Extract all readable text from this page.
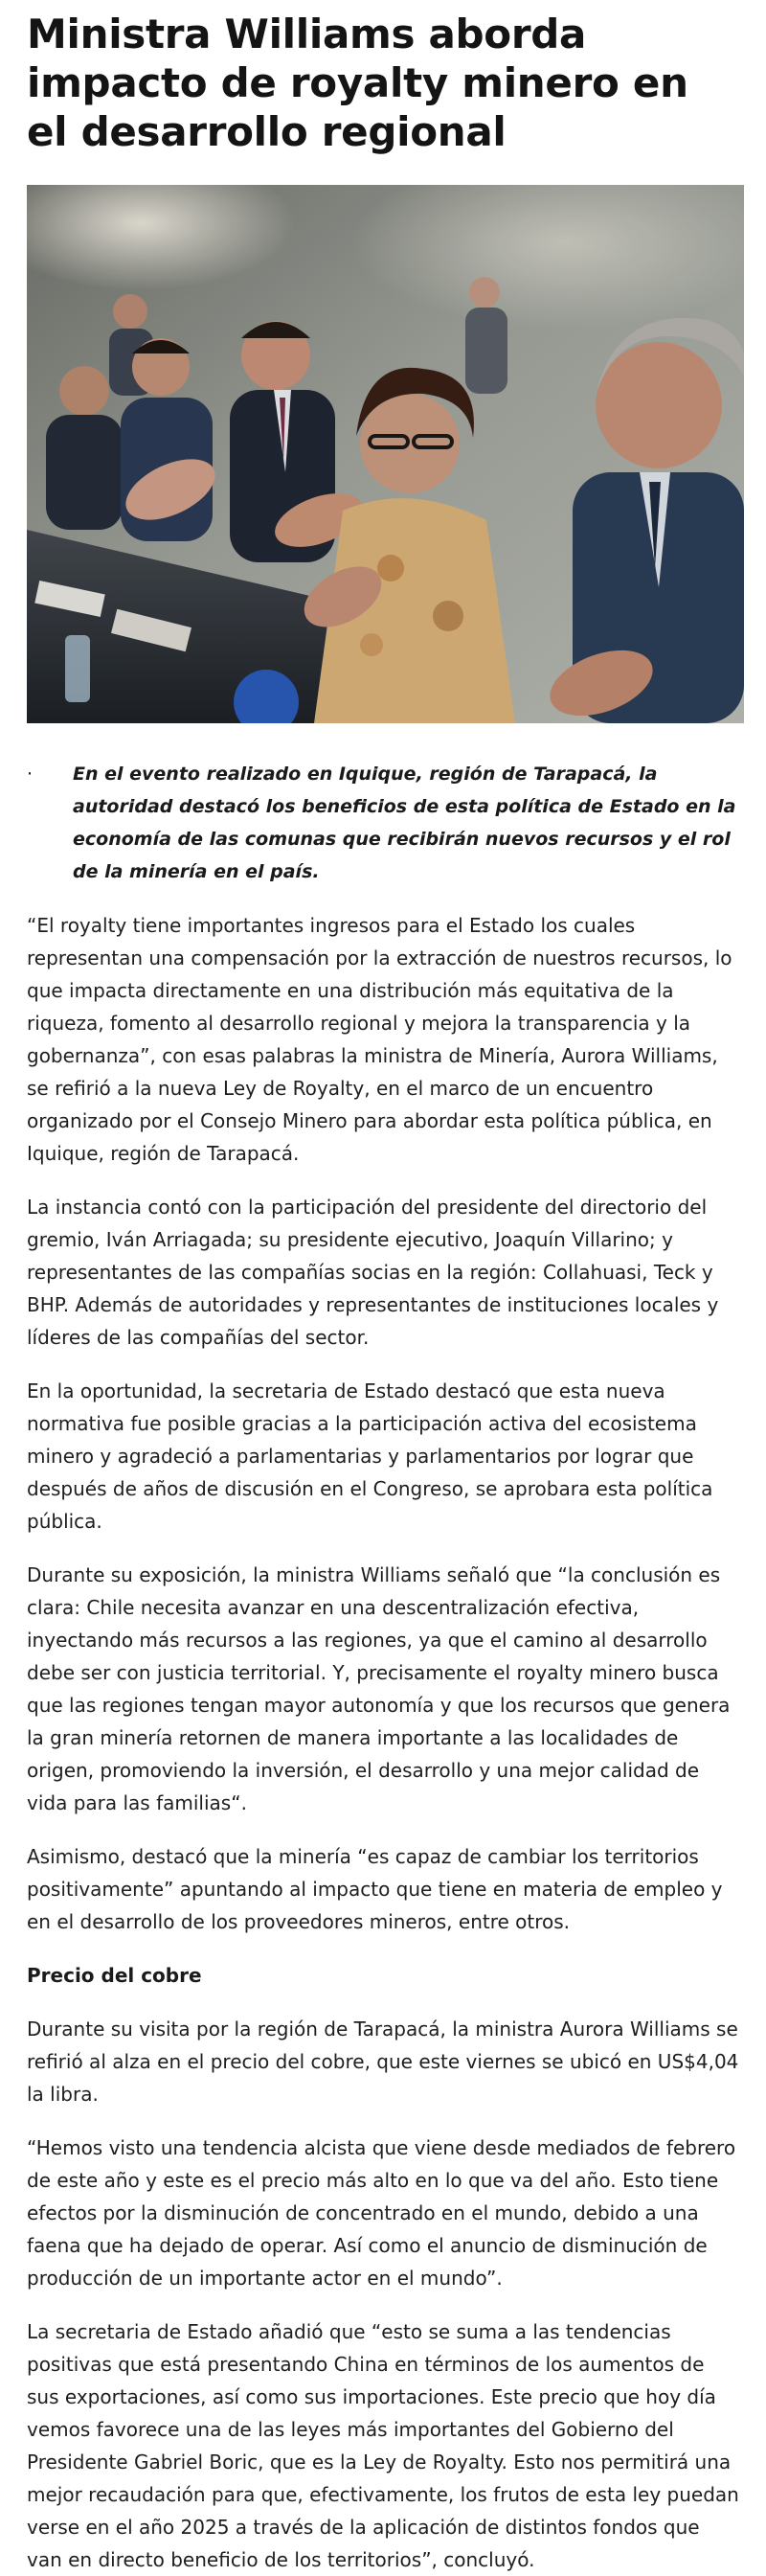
Ministra Williams aborda impacto de royalty minero en el desarrollo regional

· En el evento realizado en Iquique, región de Tarapacá, la autoridad destacó los beneficios de esta política de Estado en la economía de las comunas que recibirán nuevos recursos y el rol de la minería en el país.

“El royalty tiene importantes ingresos para el Estado los cuales representan una compensación por la extracción de nuestros recursos, lo que impacta directamente en una distribución más equitativa de la riqueza, fomento al desarrollo regional y mejora la transparencia y la gobernanza”, con esas palabras la ministra de Minería, Aurora Williams, se refirió a la nueva Ley de Royalty, en el marco de un encuentro organizado por el Consejo Minero para abordar esta política pública, en Iquique, región de Tarapacá.

La instancia contó con la participación del presidente del directorio del gremio, Iván Arriagada; su presidente ejecutivo, Joaquín Villarino; y representantes de las compañías socias en la región: Collahuasi, Teck y BHP. Además de autoridades y representantes de instituciones locales y líderes de las compañías del sector.

En la oportunidad, la secretaria de Estado destacó que esta nueva normativa fue posible gracias a la participación activa del ecosistema minero y agradeció a parlamentarias y parlamentarios por lograr que después de años de discusión en el Congreso, se aprobara esta política pública.

Durante su exposición, la ministra Williams señaló que “la conclusión es clara: Chile necesita avanzar en una descentralización efectiva, inyectando más recursos a las regiones, ya que el camino al desarrollo debe ser con justicia territorial. Y, precisamente el royalty minero busca que las regiones tengan mayor autonomía y que los recursos que genera la gran minería retornen de manera importante a las localidades de origen, promoviendo la inversión, el desarrollo y una mejor calidad de vida para las familias“.

Asimismo, destacó que la minería “es capaz de cambiar los territorios positivamente” apuntando al impacto que tiene en materia de empleo y en el desarrollo de los proveedores mineros, entre otros.

Precio del cobre

Durante su visita por la región de Tarapacá, la ministra Aurora Williams se refirió al alza en el precio del cobre, que este viernes se ubicó en US$4,04 la libra.

“Hemos visto una tendencia alcista que viene desde mediados de febrero de este año y este es el precio más alto en lo que va del año. Esto tiene efectos por la disminución de concentrado en el mundo, debido a una faena que ha dejado de operar. Así como el anuncio de disminución de producción de un importante actor en el mundo”.

La secretaria de Estado añadió que “esto se suma a las tendencias positivas que está presentando China en términos de los aumentos de sus exportaciones, así como sus importaciones. Este precio que hoy día vemos favorece una de las leyes más importantes del Gobierno del Presidente Gabriel Boric, que es la Ley de Royalty. Esto nos permitirá una mejor recaudación para que, efectivamente, los frutos de esta ley puedan verse en el año 2025 a través de la aplicación de distintos fondos que van en directo beneficio de los territorios”, concluyó.
